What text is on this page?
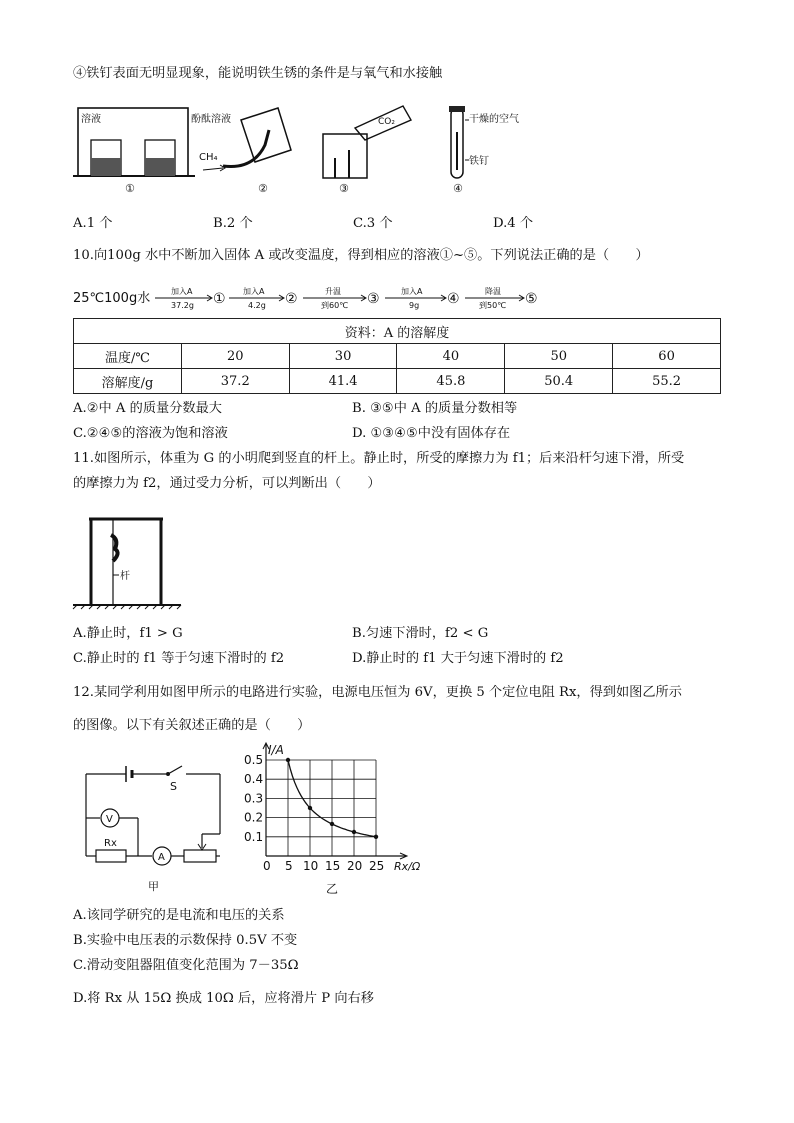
④铁钉表面无明显现象，能说明铁生锈的条件是与氧气和水接触
溶液	酚酞溶液
①
CH₄
②
CO₂
③
干燥的空气
铁钉
④
A.1 个	B.2 个	C.3 个	D.4 个
10.向100g 水中不断加入固体 A 或改变温度，得到相应的溶液①~⑤。下列说法正确的是（　　）
25℃100g水	加入A
37.2g ① 加入A
4.2g ②	升温
到60℃ ③	加入A
9g ④	降温
到50℃ ⑤
资料：A 的溶解度					
温度/℃	20	30	40	50	60
溶解度/g	37.2	41.4	45.8	50.4	55.2
A.②中 A 的质量分数最大	B. ③⑤中 A 的质量分数相等
C.②④⑤的溶液为饱和溶液	D. ①③④⑤中没有固体存在
11.如图所示，体重为 G 的小明爬到竖直的杆上。静止时，所受的摩擦力为 f1；后来沿杆匀速下滑，所受
的摩擦力为 f2，通过受力分析，可以判断出（　　）
杆
A.静止时，f1 > G	B.匀速下滑时，f2 < G
C.静止时的 f1 等于匀速下滑时的 f2	D.静止时的 f1 大于匀速下滑时的 f2
12.某同学利用如图甲所示的电路进行实验，电源电压恒为 6V，更换 5 个定位电阻 Rx，得到如图乙所示
的图像。以下有关叙述正确的是（　　）
S
V
Rx
A
甲
0 5 10 15 20 25
0.1
0.2
0.3
0.4
0.5
I/A
Rx/Ω
乙
A.该同学研究的是电流和电压的关系
B.实验中电压表的示数保持 0.5V 不变
C.滑动变阻器阻值变化范围为 7－35Ω
D.将 Rx 从 15Ω 换成 10Ω 后，应将滑片 P 向右移
